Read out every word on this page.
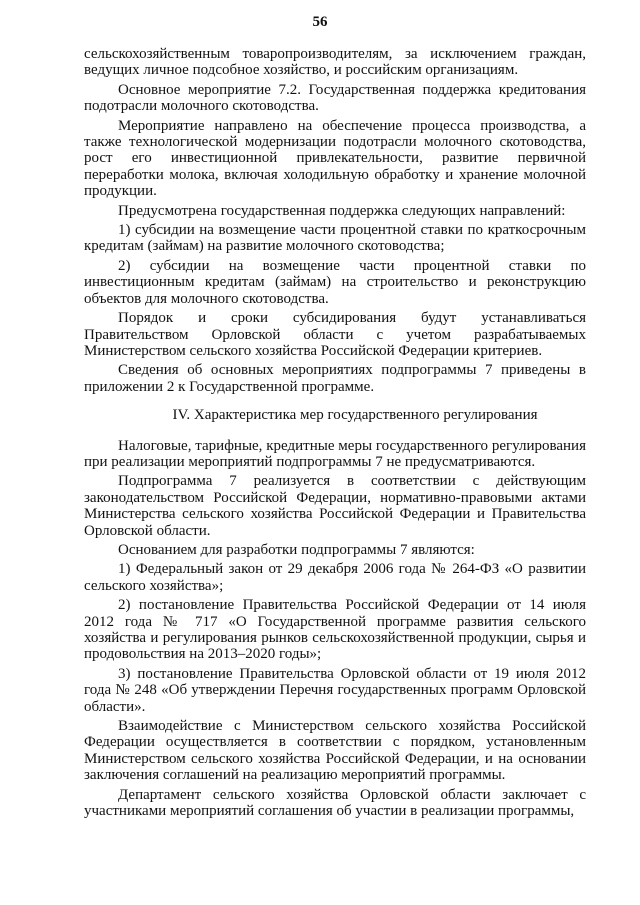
56

сельскохозяйственным товаропроизводителям, за исключением граждан, ведущих личное подсобное хозяйство, и российским организациям.

Основное мероприятие 7.2. Государственная поддержка кредитования подотрасли молочного скотоводства.

Мероприятие направлено на обеспечение процесса производства, а также технологической модернизации подотрасли молочного скотоводства, рост его инвестиционной привлекательности, развитие первичной переработки молока, включая холодильную обработку и хранение молочной продукции.

Предусмотрена государственная поддержка следующих направлений:

1) субсидии на возмещение части процентной ставки по краткосрочным кредитам (займам) на развитие молочного скотоводства;

2) субсидии на возмещение части процентной ставки по инвестиционным кредитам (займам) на строительство и реконструкцию объектов для молочного скотоводства.

Порядок и сроки субсидирования будут устанавливаться Правительством Орловской области с учетом разрабатываемых Министерством сельского хозяйства Российской Федерации критериев.

Сведения об основных мероприятиях подпрограммы 7 приведены в приложении 2 к Государственной программе.

IV. Характеристика мер государственного регулирования

Налоговые, тарифные, кредитные меры государственного регулирования при реализации мероприятий подпрограммы 7 не предусматриваются.

Подпрограмма 7 реализуется в соответствии с действующим законодательством Российской Федерации, нормативно-правовыми актами Министерства сельского хозяйства Российской Федерации и Правительства Орловской области.

Основанием для разработки подпрограммы 7 являются:

1) Федеральный закон от 29 декабря 2006 года № 264-ФЗ «О развитии сельского хозяйства»;

2) постановление Правительства Российской Федерации от 14 июля 2012 года № 717 «О Государственной программе развития сельского хозяйства и регулирования рынков сельскохозяйственной продукции, сырья и продовольствия на 2013–2020 годы»;

3) постановление Правительства Орловской области от 19 июля 2012 года № 248 «Об утверждении Перечня государственных программ Орловской области».

Взаимодействие с Министерством сельского хозяйства Российской Федерации осуществляется в соответствии с порядком, установленным Министерством сельского хозяйства Российской Федерации, и на основании заключения соглашений на реализацию мероприятий программы.

Департамент сельского хозяйства Орловской области заключает с участниками мероприятий соглашения об участии в реализации программы,
